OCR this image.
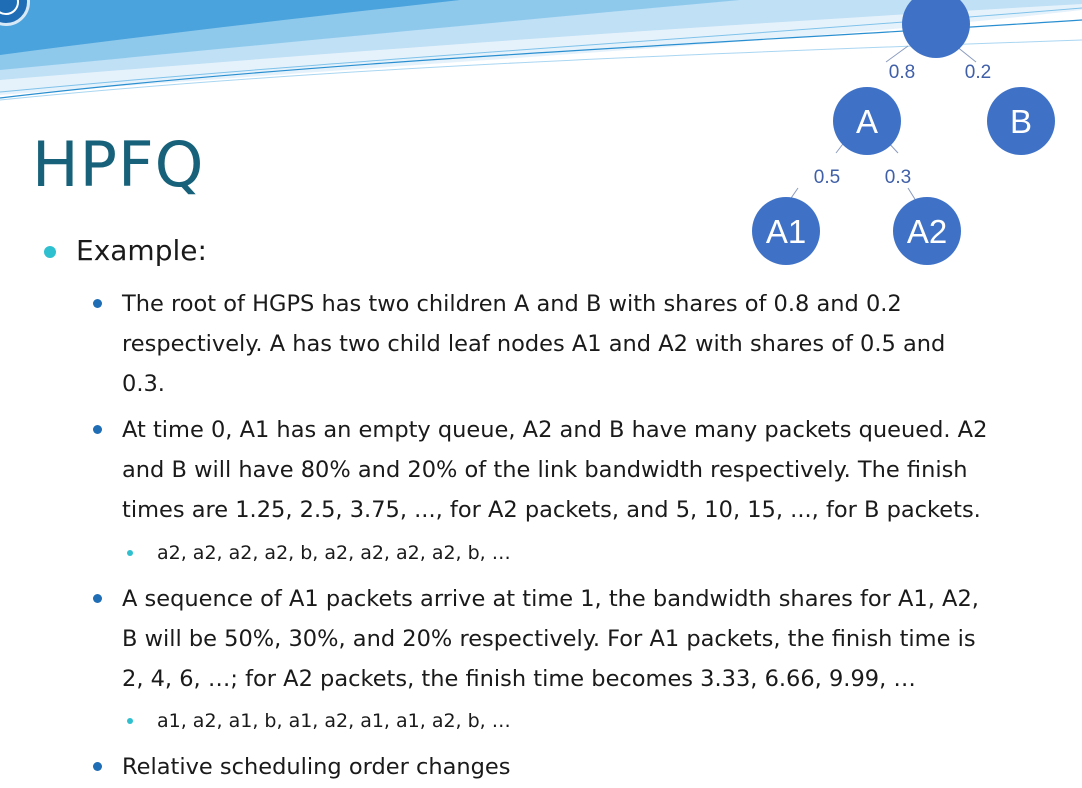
0.8	0.2
0.5 0.3
A	B
A1	A2
HPFQ
Example:
The root of HGPS has two children A and B with shares of 0.8 and 0.2
respectively. A has two child leaf nodes A1 and A2 with shares of 0.5 and
0.3.
At time 0, A1 has an empty queue, A2 and B have many packets queued. A2
and B will have 80% and 20% of the link bandwidth respectively. The finish
times are 1.25, 2.5, 3.75, ..., for A2 packets, and 5, 10, 15, ..., for B packets.
a2, a2, a2, a2, b, a2, a2, a2, a2, b, …
A sequence of A1 packets arrive at time 1, the bandwidth shares for A1, A2,
B will be 50%, 30%, and 20% respectively. For A1 packets, the finish time is
2, 4, 6, …; for A2 packets, the finish time becomes 3.33, 6.66, 9.99, …
a1, a2, a1, b, a1, a2, a1, a1, a2, b, …
Relative scheduling order changes
